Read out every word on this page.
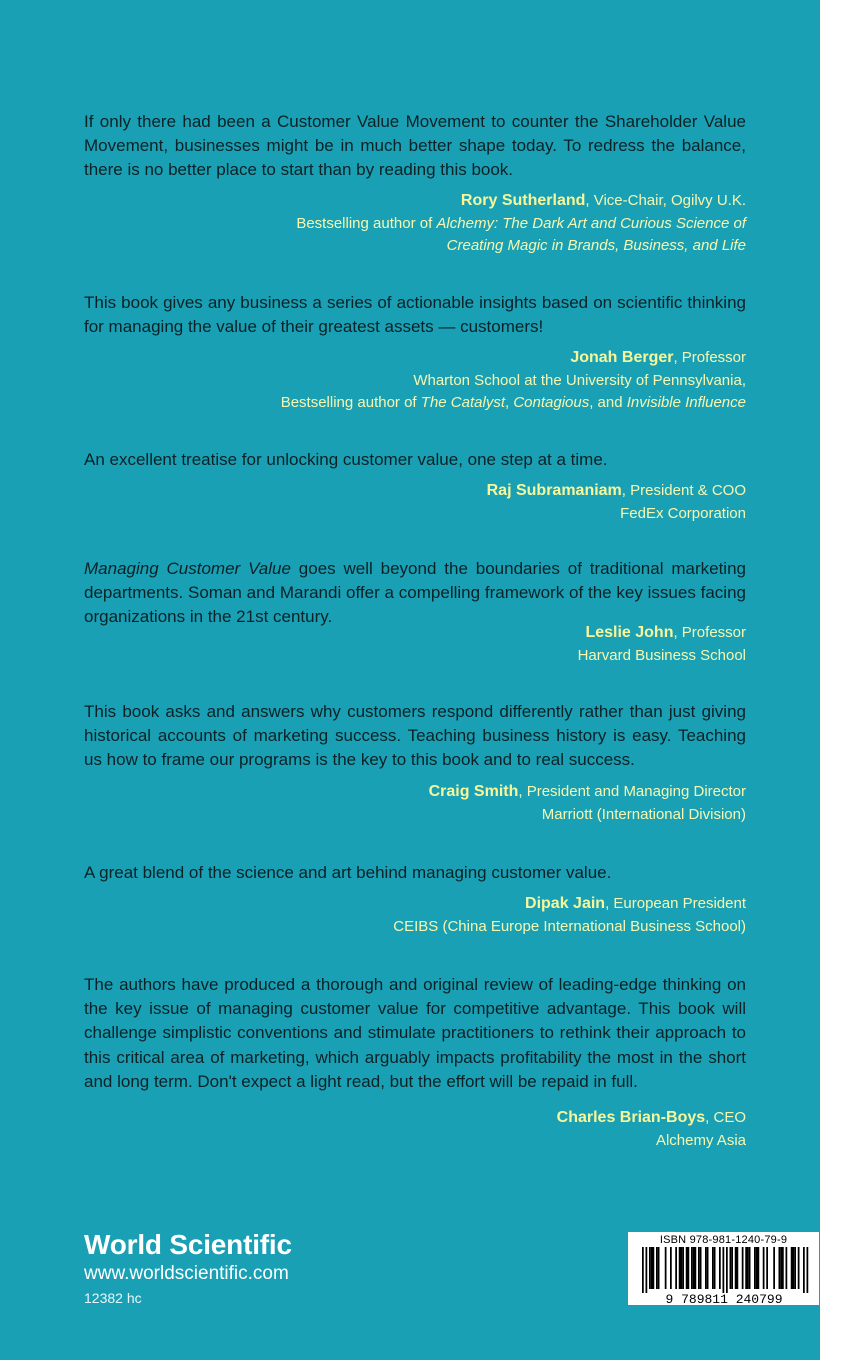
If only there had been a Customer Value Movement to counter the Shareholder Value Movement, businesses might be in much better shape today. To redress the balance, there is no better place to start than by reading this book.

Rory Sutherland, Vice-Chair, Ogilvy U.K.
Bestselling author of Alchemy: The Dark Art and Curious Science of
Creating Magic in Brands, Business, and Life

This book gives any business a series of actionable insights based on scientific thinking for managing the value of their greatest assets — customers!

Jonah Berger, Professor
Wharton School at the University of Pennsylvania,
Bestselling author of The Catalyst, Contagious, and Invisible Influence

An excellent treatise for unlocking customer value, one step at a time.

Raj Subramaniam, President & COO
FedEx Corporation

Managing Customer Value goes well beyond the boundaries of traditional marketing departments. Soman and Marandi offer a compelling framework of the key issues facing organizations in the 21st century.

Leslie John, Professor
Harvard Business School

This book asks and answers why customers respond differently rather than just giving historical accounts of marketing success. Teaching business history is easy. Teaching us how to frame our programs is the key to this book and to real success.

Craig Smith, President and Managing Director
Marriott (International Division)

A great blend of the science and art behind managing customer value.

Dipak Jain, European President
CEIBS (China Europe International Business School)

The authors have produced a thorough and original review of leading-edge thinking on the key issue of managing customer value for competitive advantage. This book will challenge simplistic conventions and stimulate practitioners to rethink their approach to this critical area of marketing, which arguably impacts profitability the most in the short and long term. Don't expect a light read, but the effort will be repaid in full.

Charles Brian-Boys, CEO
Alchemy Asia
World Scientific
www.worldscientific.com
12382 hc
ISBN 978-981-1240-79-9
9 789811 240799
